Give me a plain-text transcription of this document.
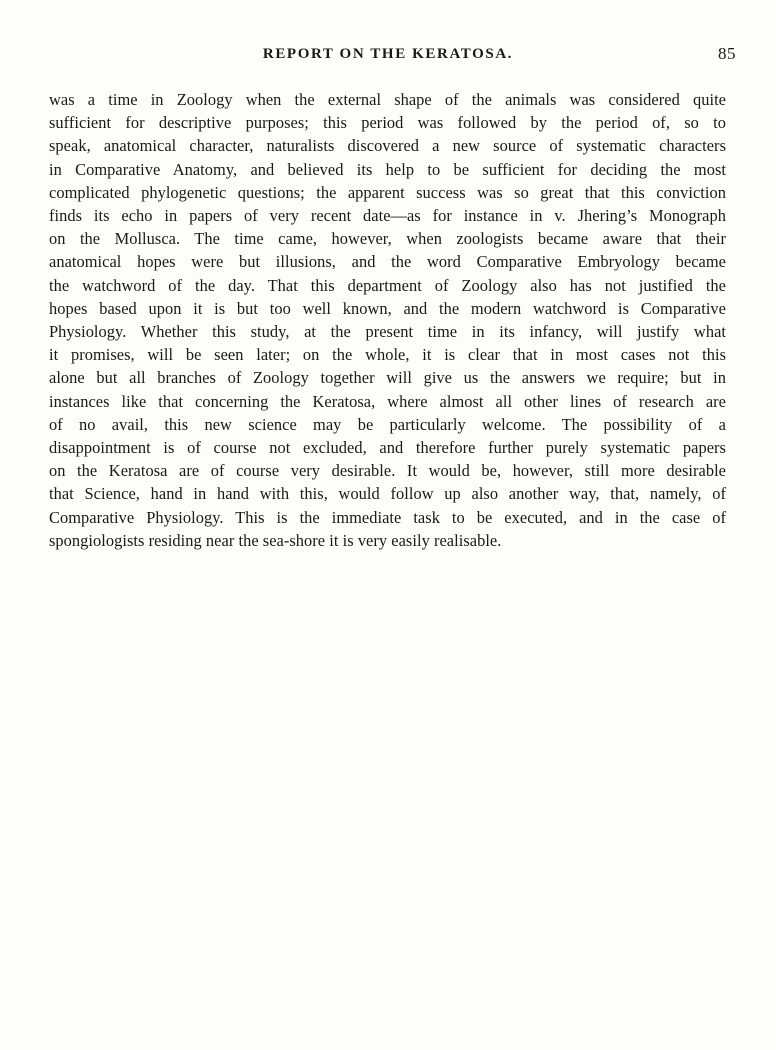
REPORT ON THE KERATOSA.	85
was a time in Zoology when the external shape of the animals was considered quite
sufficient for descriptive purposes; this period was followed by the period of, so to
speak, anatomical character, naturalists discovered a new source of systematic characters
in Comparative Anatomy, and believed its help to be sufficient for deciding the most
complicated phylogenetic questions; the apparent success was so great that this conviction
finds its echo in papers of very recent date—as for instance in v. Jhering’s Monograph
on the Mollusca. The time came, however, when zoologists became aware that their
anatomical hopes were but illusions, and the word Comparative Embryology became
the watchword of the day. That this department of Zoology also has not justified the
hopes based upon it is but too well known, and the modern watchword is Comparative
Physiology. Whether this study, at the present time in its infancy, will justify what
it promises, will be seen later; on the whole, it is clear that in most cases not this
alone but all branches of Zoology together will give us the answers we require; but in
instances like that concerning the Keratosa, where almost all other lines of research are
of no avail, this new science may be particularly welcome. The possibility of a
disappointment is of course not excluded, and therefore further purely systematic papers
on the Keratosa are of course very desirable. It would be, however, still more desirable
that Science, hand in hand with this, would follow up also another way, that, namely, of
Comparative Physiology. This is the immediate task to be executed, and in the case of
spongiologists residing near the sea-shore it is very easily realisable.
